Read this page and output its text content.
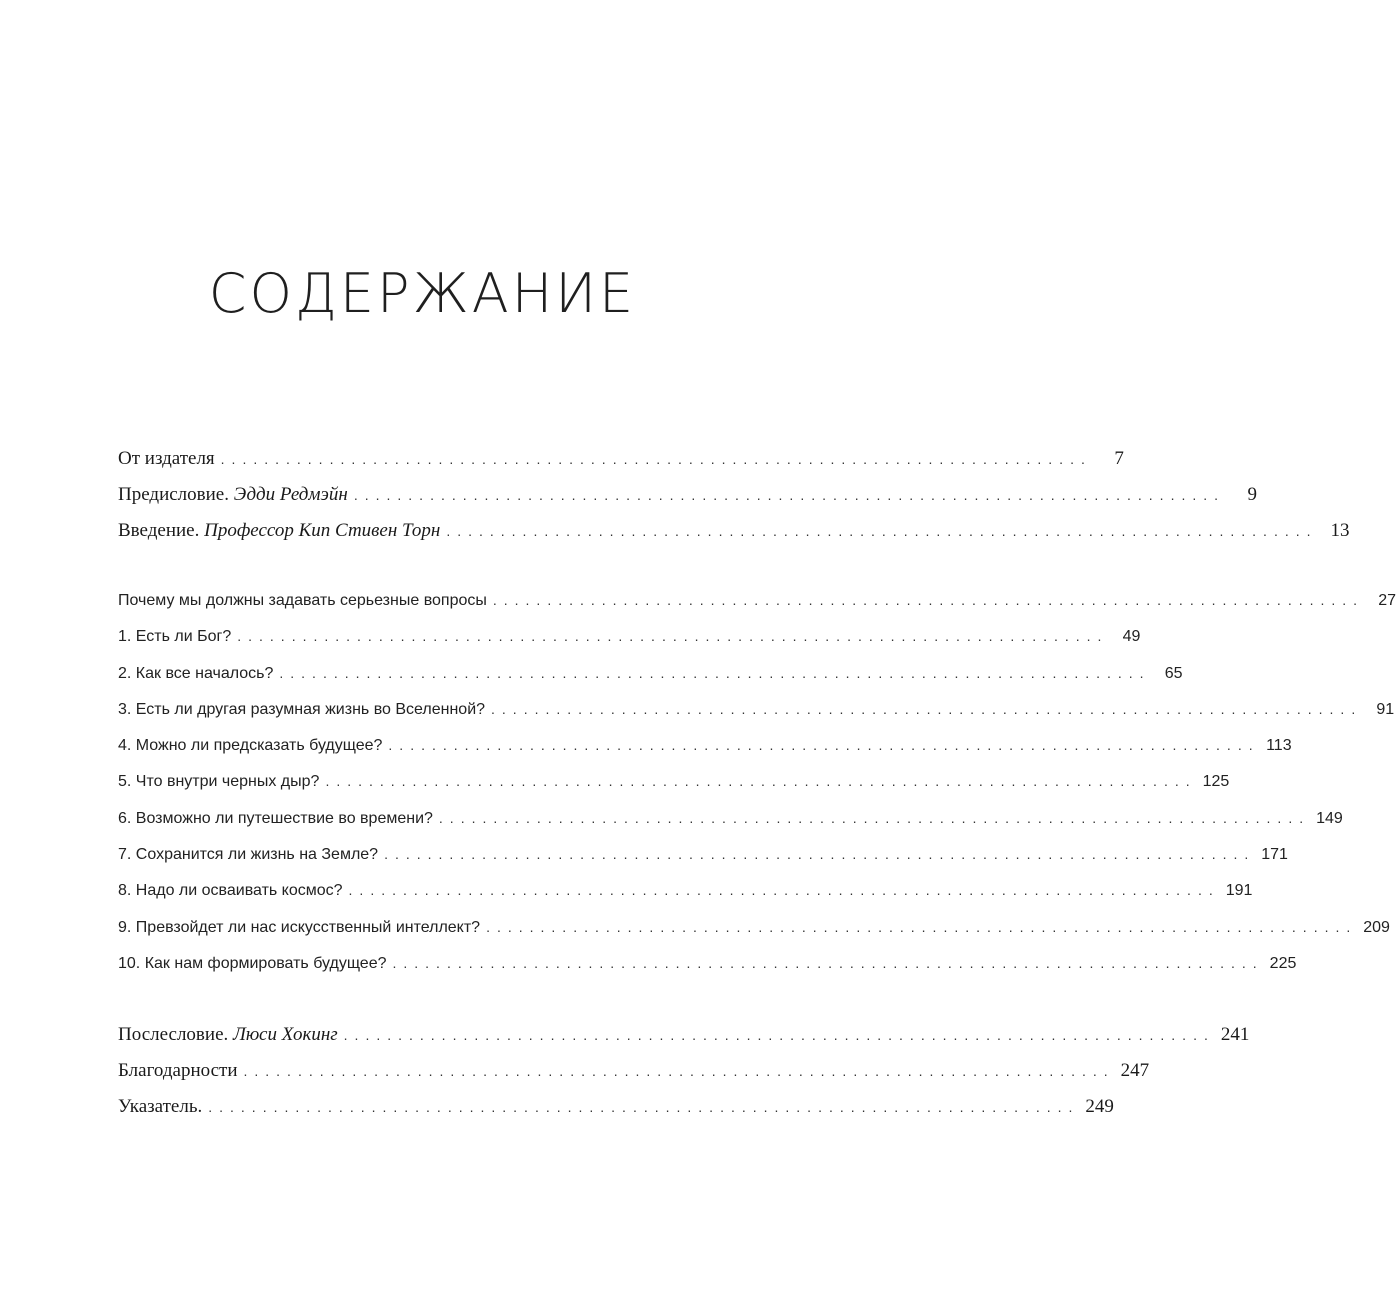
СОДЕРЖАНИЕ
От издателя ................................................................................	7
Предисловие. Эдди Редмэйн ................................................................................	9
Введение. Профессор Кип Стивен Торн ................................................................................ 13
Почему мы должны задавать серьезные вопросы ................................................................................ 27
1. Есть ли Бог? ................................................................................ 49
2. Как все началось? ................................................................................ 65
3. Есть ли другая разумная жизнь во Вселенной? ................................................................................ 91
4. Можно ли предсказать будущее? ................................................................................ 113
5. Что внутри черных дыр? ................................................................................ 125
6. Возможно ли путешествие во времени? ................................................................................ 149
7. Сохранится ли жизнь на Земле? ................................................................................ 171
8. Надо ли осваивать космос? ................................................................................ 191
9. Превзойдет ли нас искусственный интеллект? ................................................................................ 209
10. Как нам формировать будущее? ................................................................................ 225
Послесловие. Люси Хокинг ................................................................................ 241
Благодарности ................................................................................ 247
Указатель. ................................................................................ 249
